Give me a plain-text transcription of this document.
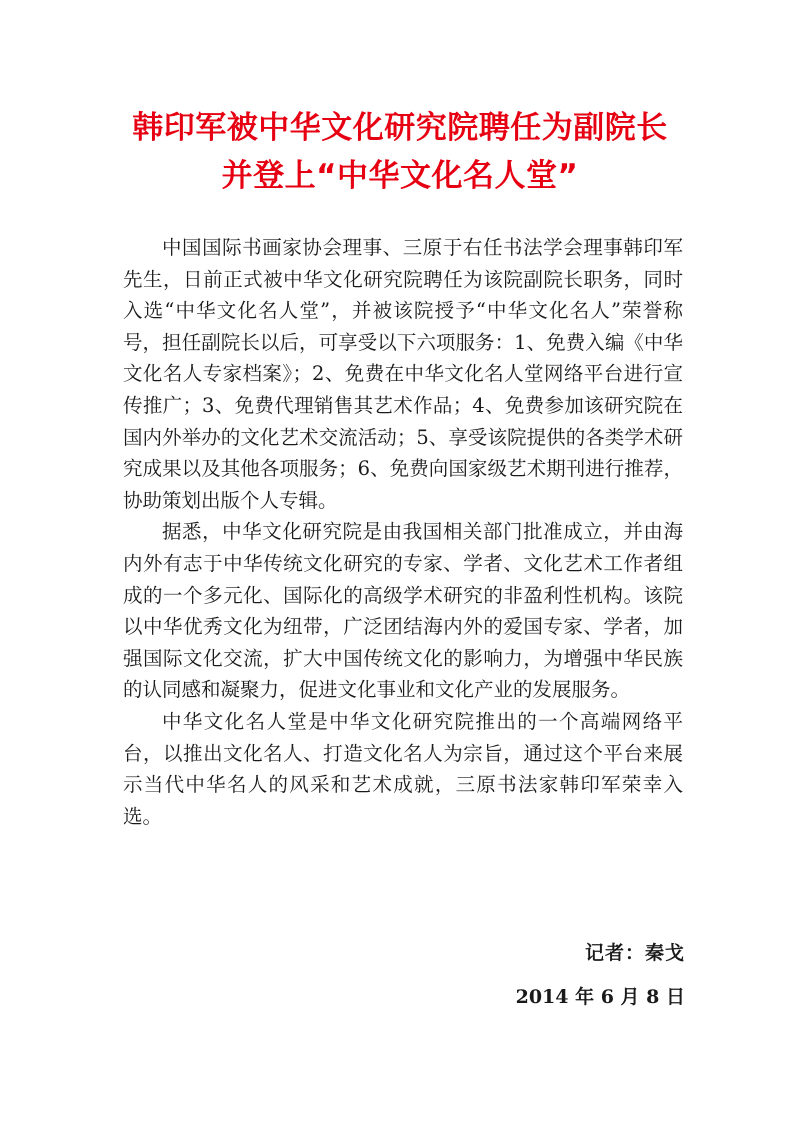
韩印军被中华文化研究院聘任为副院长
并登上“中华文化名人堂”

中国国际书画家协会理事、三原于右任书法学会理事韩印军先生，日前正式被中华文化研究院聘任为该院副院长职务，同时入选“中华文化名人堂”，并被该院授予“中华文化名人”荣誉称号，担任副院长以后，可享受以下六项服务：1、免费入编《中华文化名人专家档案》；2、免费在中华文化名人堂网络平台进行宣传推广；3、免费代理销售其艺术作品；4、免费参加该研究院在国内外举办的文化艺术交流活动；5、享受该院提供的各类学术研究成果以及其他各项服务；6、免费向国家级艺术期刊进行推荐，协助策划出版个人专辑。

据悉，中华文化研究院是由我国相关部门批准成立，并由海内外有志于中华传统文化研究的专家、学者、文化艺术工作者组成的一个多元化、国际化的高级学术研究的非盈利性机构。该院以中华优秀文化为纽带，广泛团结海内外的爱国专家、学者，加强国际文化交流，扩大中国传统文化的影响力，为增强中华民族的认同感和凝聚力，促进文化事业和文化产业的发展服务。

中华文化名人堂是中华文化研究院推出的一个高端网络平台，以推出文化名人、打造文化名人为宗旨，通过这个平台来展示当代中华名人的风采和艺术成就，三原书法家韩印军荣幸入选。

记者：秦戈
2014 年 6 月 8 日
